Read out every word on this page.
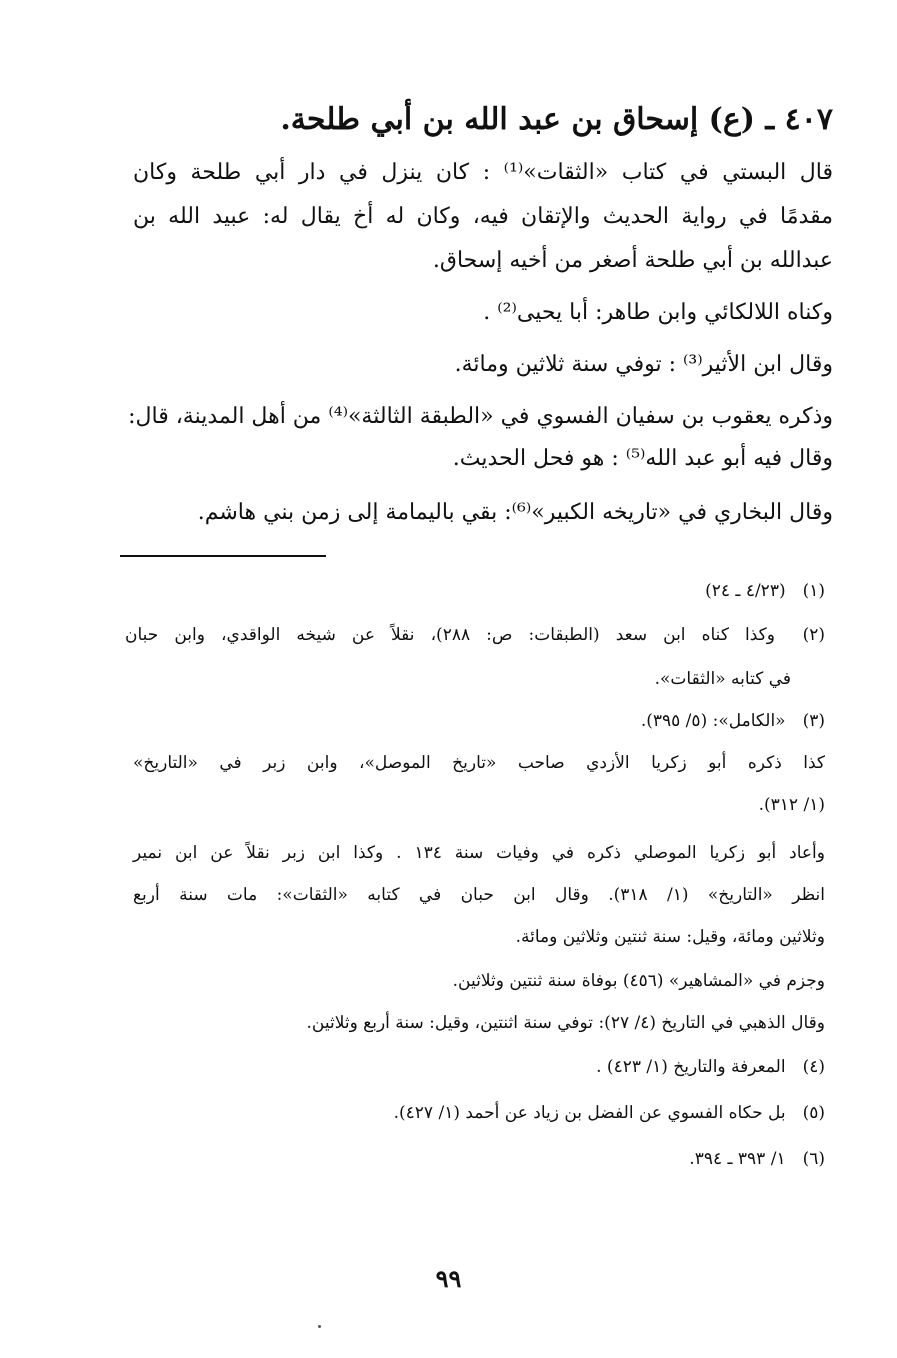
٤٠٧ ـ (ع) إسحاق بن عبد الله بن أبي طلحة.
قال البستي في كتاب «الثقات»⁽¹⁾ : كان ينزل في دار أبي طلحة وكان
مقدمًا في رواية الحديث والإتقان فيه، وكان له أخ يقال له: عبيد الله بن
عبدالله بن أبي طلحة أصغر من أخيه إسحاق.
وكناه اللالكائي وابن طاهر: أبا يحيى⁽²⁾ .
وقال ابن الأثير⁽³⁾ : توفي سنة ثلاثين ومائة.
وذكره يعقوب بن سفيان الفسوي في «الطبقة الثالثة»⁽⁴⁾ من أهل المدينة، قال:
وقال فيه أبو عبد الله⁽⁵⁾ : هو فحل الحديث.
وقال البخاري في «تاريخه الكبير»⁽⁶⁾: بقي باليمامة إلى زمن بني هاشم.
(١) (٤/٢٣ ـ ٢٤)
(٢) وكذا كناه ابن سعد (الطبقات: ص: ٢٨٨)، نقلاً عن شيخه الواقدي، وابن حبان
في كتابه «الثقات».
(٣) «الكامل»: (٥/ ٣٩٥).
كذا ذكره أبو زكريا الأزدي صاحب «تاريخ الموصل»، وابن زبر في «التاريخ»
(١/ ٣١٢).
وأعاد أبو زكريا الموصلي ذكره في وفيات سنة ١٣٤ . وكذا ابن زبر نقلاً عن ابن نمير
انظر «التاريخ» (١/ ٣١٨). وقال ابن حبان في كتابه «الثقات»: مات سنة أربع
وثلاثين ومائة، وقيل: سنة ثنتين وثلاثين ومائة.
وجزم في «المشاهير» (٤٥٦) بوفاة سنة ثنتين وثلاثين.
وقال الذهبي في التاريخ (٤/ ٢٧): توفي سنة اثنتين، وقيل: سنة أربع وثلاثين.
(٤) المعرفة والتاريخ (١/ ٤٢٣) .
(٥) بل حكاه الفسوي عن الفضل بن زياد عن أحمد (١/ ٤٢٧).
(٦) ١/ ٣٩٣ ـ ٣٩٤.
٩٩
